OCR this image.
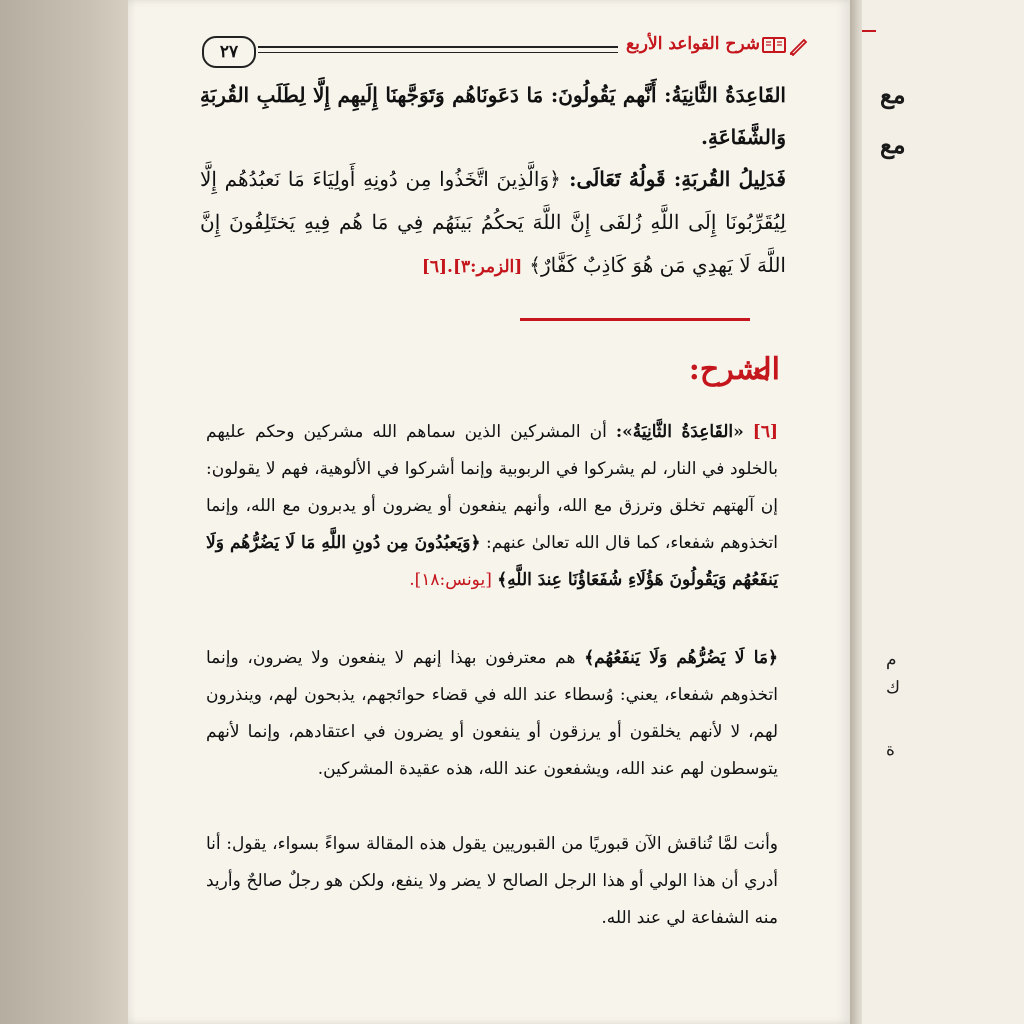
مع
مع
م
ك
ة
٢٧	شرح القواعد الأربع
القَاعِدَةُ الثَّانِيَةُ: أَنَّهم يَقُولُونَ: مَا دَعَونَاهُم وَتَوَجَّهنَا إِلَيهِم إِلَّا لِطَلَبِ القُربَةِ وَالشَّفَاعَةِ.
فَدَلِيلُ القُربَةِ: قَولُهُ تَعَالَى: ﴿وَالَّذِينَ اتَّخَذُوا مِن دُونِهِ أَولِيَاءَ مَا نَعبُدُهُم إِلَّا لِيُقَرِّبُونَا إِلَى اللَّهِ زُلفَى إِنَّ اللَّهَ يَحكُمُ بَينَهُم فِي مَا هُم فِيهِ يَختَلِفُونَ إِنَّ اللَّهَ لَا يَهدِي مَن هُوَ كَاذِبٌ كَفَّارٌ﴾ [الزمر:٣].[٦]
الشرح:
[٦] «القَاعِدَةُ الثَّانِيَةُ»: أن المشركين الذين سماهم الله مشركين وحكم عليهم بالخلود في النار، لم يشركوا في الربوبية وإنما أشركوا في الألوهية، فهم لا يقولون: إن آلهتهم تخلق وترزق مع الله، وأنهم ينفعون أو يضرون أو يدبرون مع الله، وإنما اتخذوهم شفعاء، كما قال الله تعالىٰ عنهم: ﴿وَيَعبُدُونَ مِن دُونِ اللَّهِ مَا لَا يَضُرُّهُم وَلَا يَنفَعُهُم وَيَقُولُونَ هَؤُلَاءِ شُفَعَاؤُنَا عِندَ اللَّهِ﴾ [يونس:١٨].
﴿مَا لَا يَضُرُّهُم وَلَا يَنفَعُهُم﴾ هم معترفون بهذا إنهم لا ينفعون ولا يضرون، وإنما اتخذوهم شفعاء، يعني: وُسطاء عند الله في قضاء حوائجهم، يذبحون لهم، وينذرون لهم، لا لأنهم يخلقون أو يرزقون أو ينفعون أو يضرون في اعتقادهم، وإنما لأنهم يتوسطون لهم عند الله، ويشفعون عند الله، هذه عقيدة المشركين.
وأنت لمَّا تُناقش الآن قبوريًا من القبوريين يقول هذه المقالة سواءً بسواء، يقول: أنا أدري أن هذا الولي أو هذا الرجل الصالح لا يضر ولا ينفع، ولكن هو رجلٌ صالحٌ وأريد منه الشفاعة لي عند الله.
